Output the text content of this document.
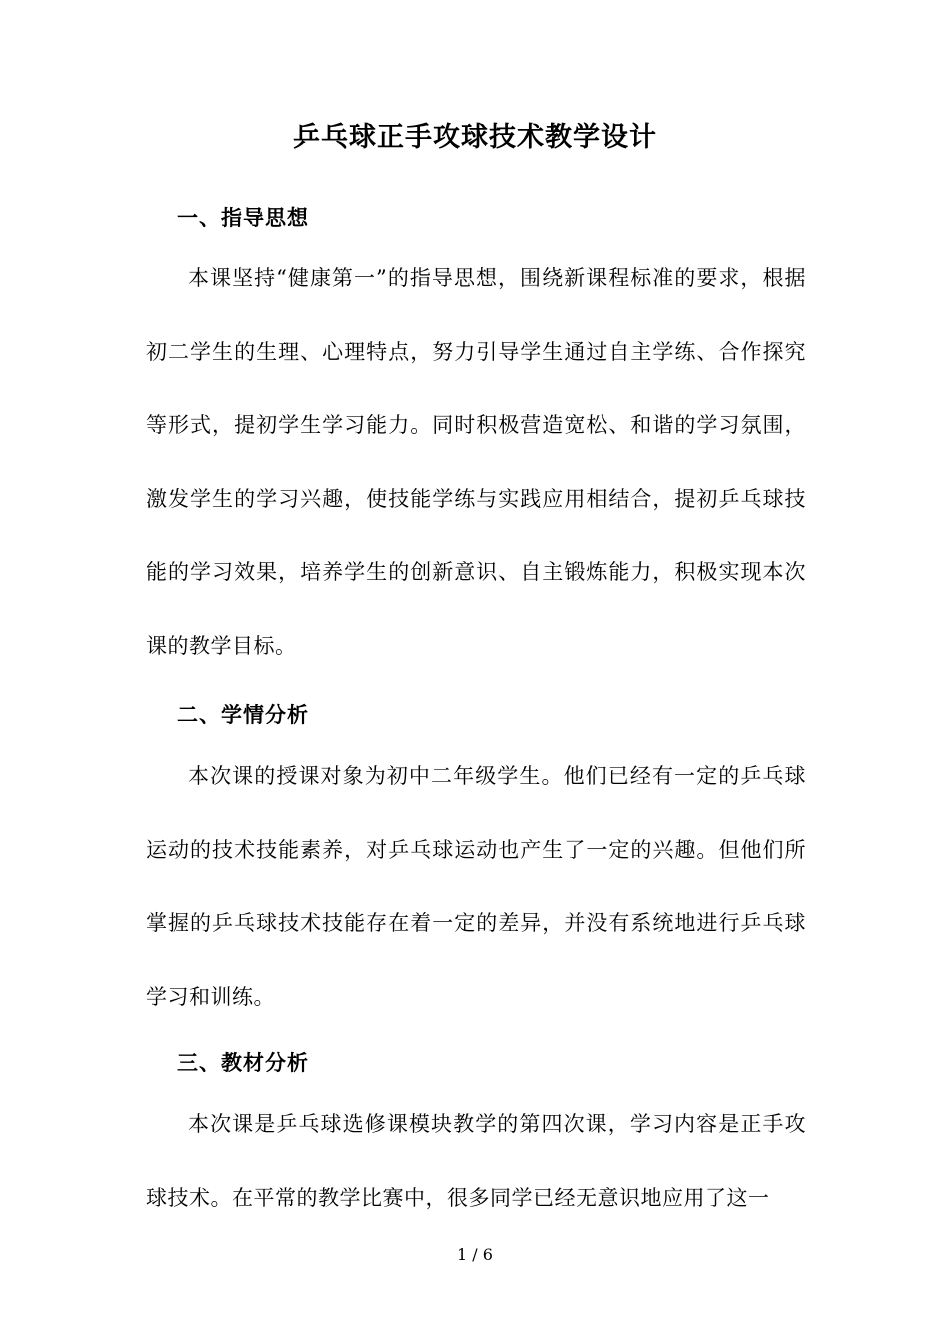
乒乓球正手攻球技术教学设计
一、指导思想

本课坚持“健康第一”的指导思想，围绕新课程标准的要求，根据初二学生的生理、心理特点，努力引导学生通过自主学练、合作探究等形式，提初学生学习能力。同时积极营造宽松、和谐的学习氛围，激发学生的学习兴趣，使技能学练与实践应用相结合，提初乒乓球技能的学习效果，培养学生的创新意识、自主锻炼能力，积极实现本次课的教学目标。

二、学情分析

本次课的授课对象为初中二年级学生。他们已经有一定的乒乓球运动的技术技能素养，对乒乓球运动也产生了一定的兴趣。但他们所掌握的乒乓球技术技能存在着一定的差异，并没有系统地进行乒乓球学习和训练。

三、教材分析

本次课是乒乓球选修课模块教学的第四次课，学习内容是正手攻球技术。在平常的教学比赛中，很多同学已经无意识地应用了这一

1 / 6
